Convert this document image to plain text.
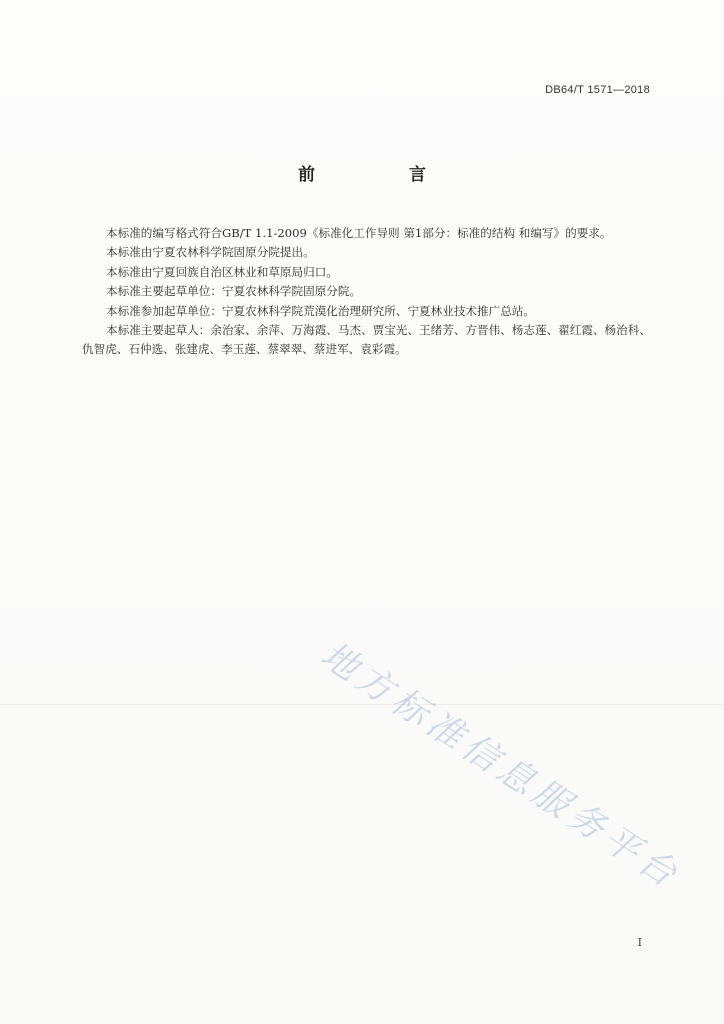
DB64/T 1571—2018
前 言

本标准的编写格式符合GB/T 1.1-2009《标准化工作导则 第1部分：标准的结构 和编写》的要求。

本标准由宁夏农林科学院固原分院提出。

本标准由宁夏回族自治区林业和草原局归口。

本标准主要起草单位：宁夏农林科学院固原分院。

本标准参加起草单位：宁夏农林科学院荒漠化治理研究所、宁夏林业技术推广总站。

本标准主要起草人：余治家、余萍、万海霞、马杰、贾宝光、王绪芳、方晋伟、杨志莲、翟红霞、杨治科、仇智虎、石仲选、张建虎、李玉莲、蔡翠翠、蔡进军、袁彩霞。

地方标准信息服务平台
I
